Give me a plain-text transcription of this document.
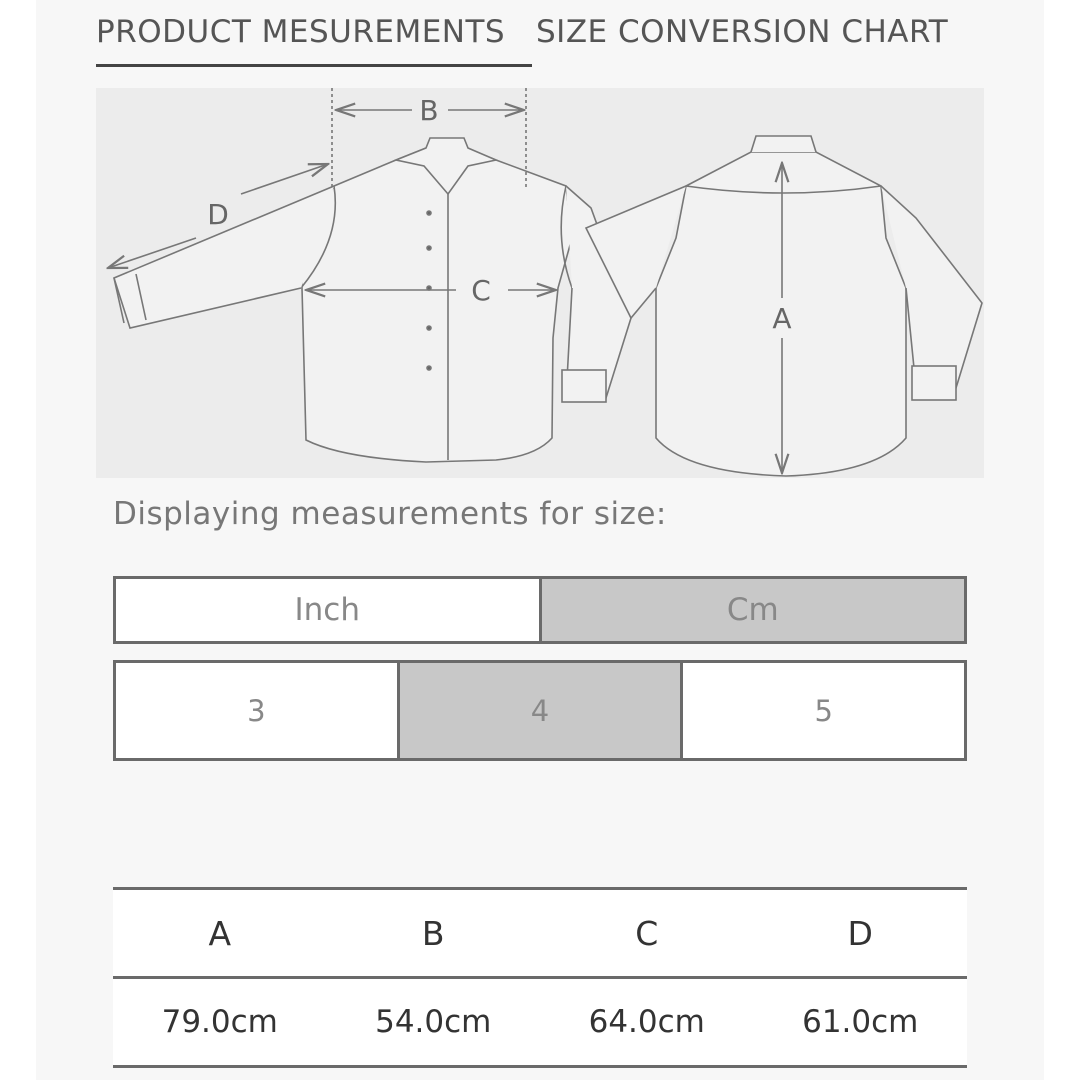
PRODUCT MESUREMENTS SIZE CONVERSION CHART
B
D
C
A
Displaying measurements for size:
Inch	Cm
3	4	5
A	B	C	D
79.0cm	54.0cm	64.0cm	61.0cm
